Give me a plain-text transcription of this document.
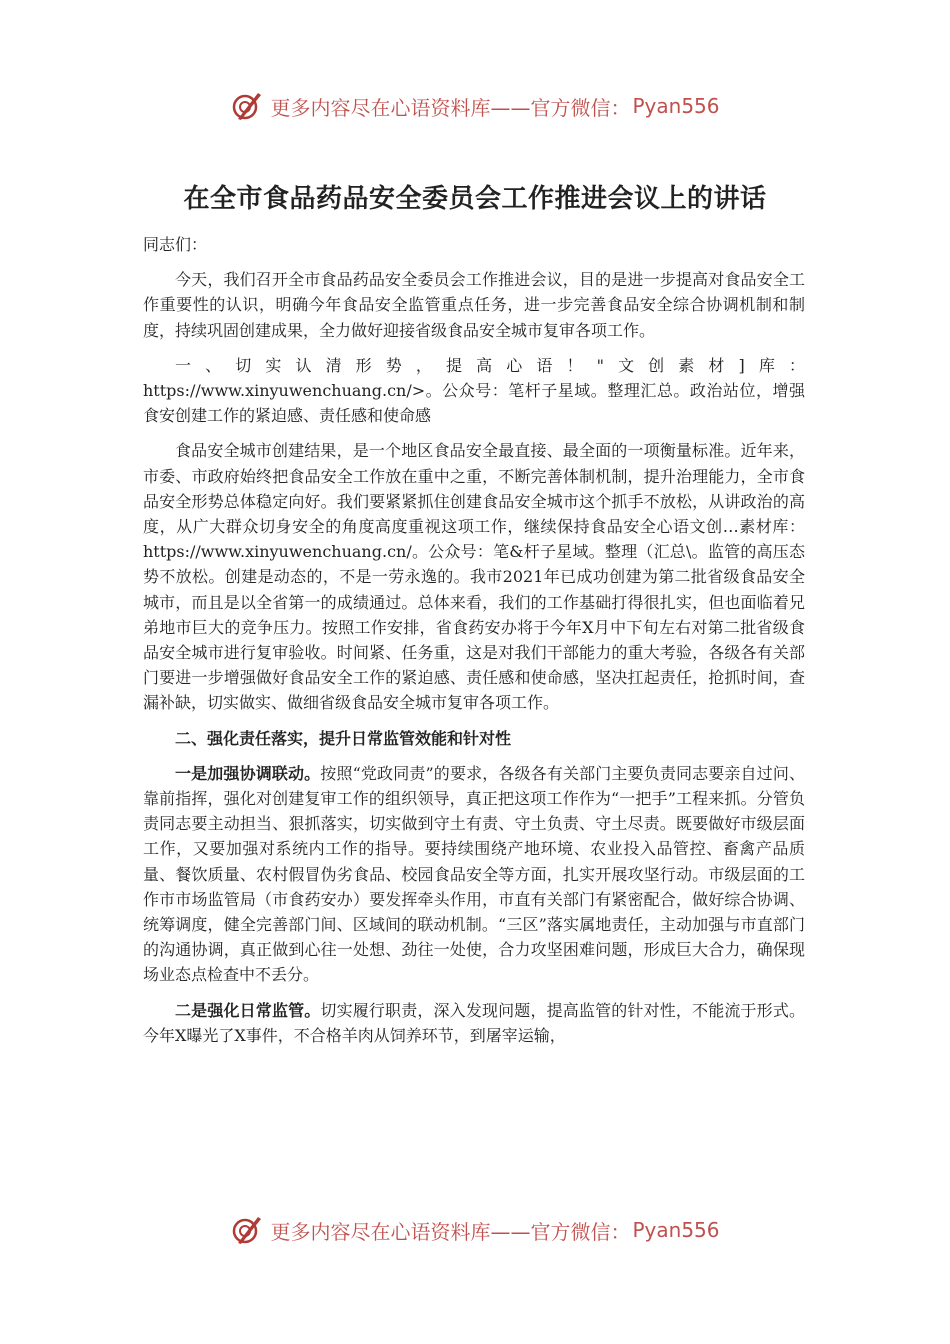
更多内容尽在心语资料库——官方微信： Pyan556
在全市食品药品安全委员会工作推进会议上的讲话

同志们：

今天，我们召开全市食品药品安全委员会工作推进会议，目的是进一步提高对食品安全工作重要性的认识，明确今年食品安全监管重点任务，进一步完善食品安全综合协调机制和制度，持续巩固创建成果，全力做好迎接省级食品安全城市复审各项工作。

一、切实认清形势，提高心语！"文创素材]库：https://www.xinyuwenchuang.cn/>。公众号：笔杆子星域。整理汇总。政治站位，增强食安创建工作的紧迫感、责任感和使命感

食品安全城市创建结果，是一个地区食品安全最直接、最全面的一项衡量标准。近年来，市委、市政府始终把食品安全工作放在重中之重，不断完善体制机制，提升治理能力，全市食品安全形势总体稳定向好。我们要紧紧抓住创建食品安全城市这个抓手不放松，从讲政治的高度，从广大群众切身安全的角度高度重视这项工作，继续保持食品安全心语文创…素材库：https://www.xinyuwenchuang.cn/。公众号：笔&杆子星域。整理（汇总\。监管的高压态势不放松。创建是动态的，不是一劳永逸的。我市2021年已成功创建为第二批省级食品安全城市，而且是以全省第一的成绩通过。总体来看，我们的工作基础打得很扎实，但也面临着兄弟地市巨大的竞争压力。按照工作安排，省食药安办将于今年X月中下旬左右对第二批省级食品安全城市进行复审验收。时间紧、任务重，这是对我们干部能力的重大考验，各级各有关部门要进一步增强做好食品安全工作的紧迫感、责任感和使命感，坚决扛起责任，抢抓时间，查漏补缺，切实做实、做细省级食品安全城市复审各项工作。

二、强化责任落实，提升日常监管效能和针对性

一是加强协调联动。按照“党政同责”的要求，各级各有关部门主要负责同志要亲自过问、靠前指挥，强化对创建复审工作的组织领导，真正把这项工作作为“一把手”工程来抓。分管负责同志要主动担当、狠抓落实，切实做到守土有责、守土负责、守土尽责。既要做好市级层面工作，又要加强对系统内工作的指导。要持续围绕产地环境、农业投入品管控、畜禽产品质量、餐饮质量、农村假冒伪劣食品、校园食品安全等方面，扎实开展攻坚行动。市级层面的工作市市场监管局（市食药安办）要发挥牵头作用，市直有关部门有紧密配合，做好综合协调、统筹调度，健全完善部门间、区域间的联动机制。“三区”落实属地责任，主动加强与市直部门的沟通协调，真正做到心往一处想、劲往一处使，合力攻坚困难问题，形成巨大合力，确保现场业态点检查中不丢分。

二是强化日常监管。切实履行职责，深入发现问题，提高监管的针对性，不能流于形式。今年X曝光了X事件，不合格羊肉从饲养环节，到屠宰运输，

更多内容尽在心语资料库——官方微信： Pyan556
